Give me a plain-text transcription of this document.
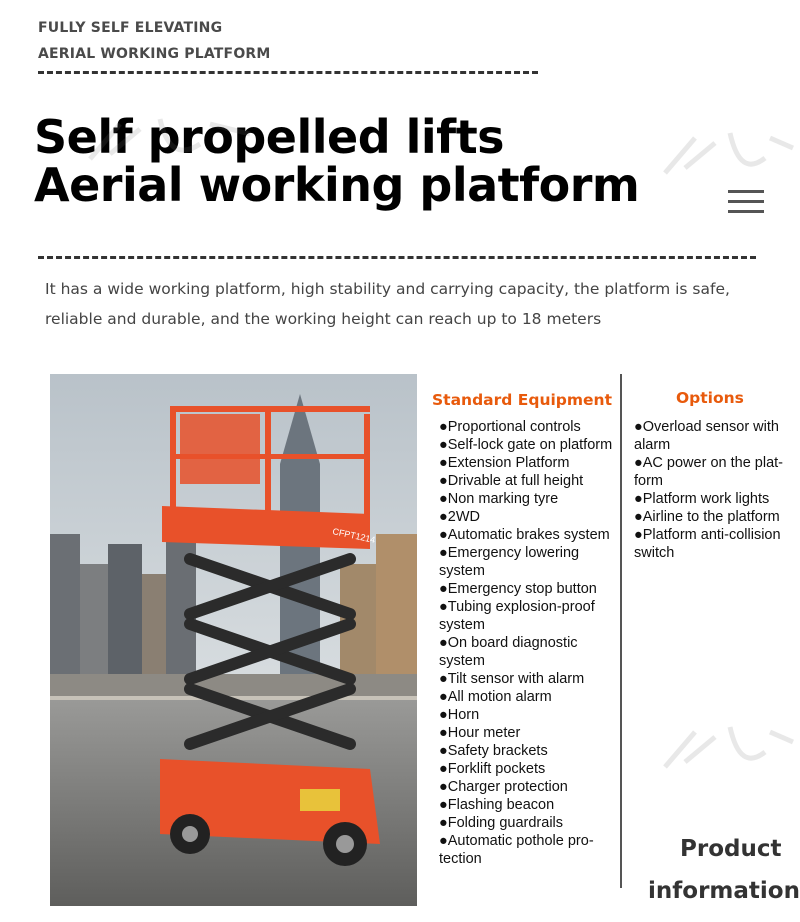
FULLY SELF ELEVATING
AERIAL WORKING PLATFORM
Self propelled lifts
Aerial working platform
It has a wide working platform, high stability and carrying capacity, the platform is safe,
reliable and durable, and the working height can reach up to 18 meters
CFPT1214
Standard Equipment
●Proportional controls
●Self-lock gate on platform
●Extension Platform
●Drivable at full height
●Non marking tyre
●2WD
●Automatic brakes system
●Emergency lowering
system
●Emergency stop button
●Tubing explosion-proof
system
●On board diagnostic
system
●Tilt sensor with alarm
●All motion alarm
●Horn
●Hour meter
●Safety brackets
●Forklift pockets
●Charger protection
●Flashing beacon
●Folding guardrails
●Automatic pothole pro-
tection
Options
●Overload sensor with
alarm
●AC power on the plat-
form
●Platform work lights
●Airline to the platform
●Platform anti-collision
switch
Product
information
